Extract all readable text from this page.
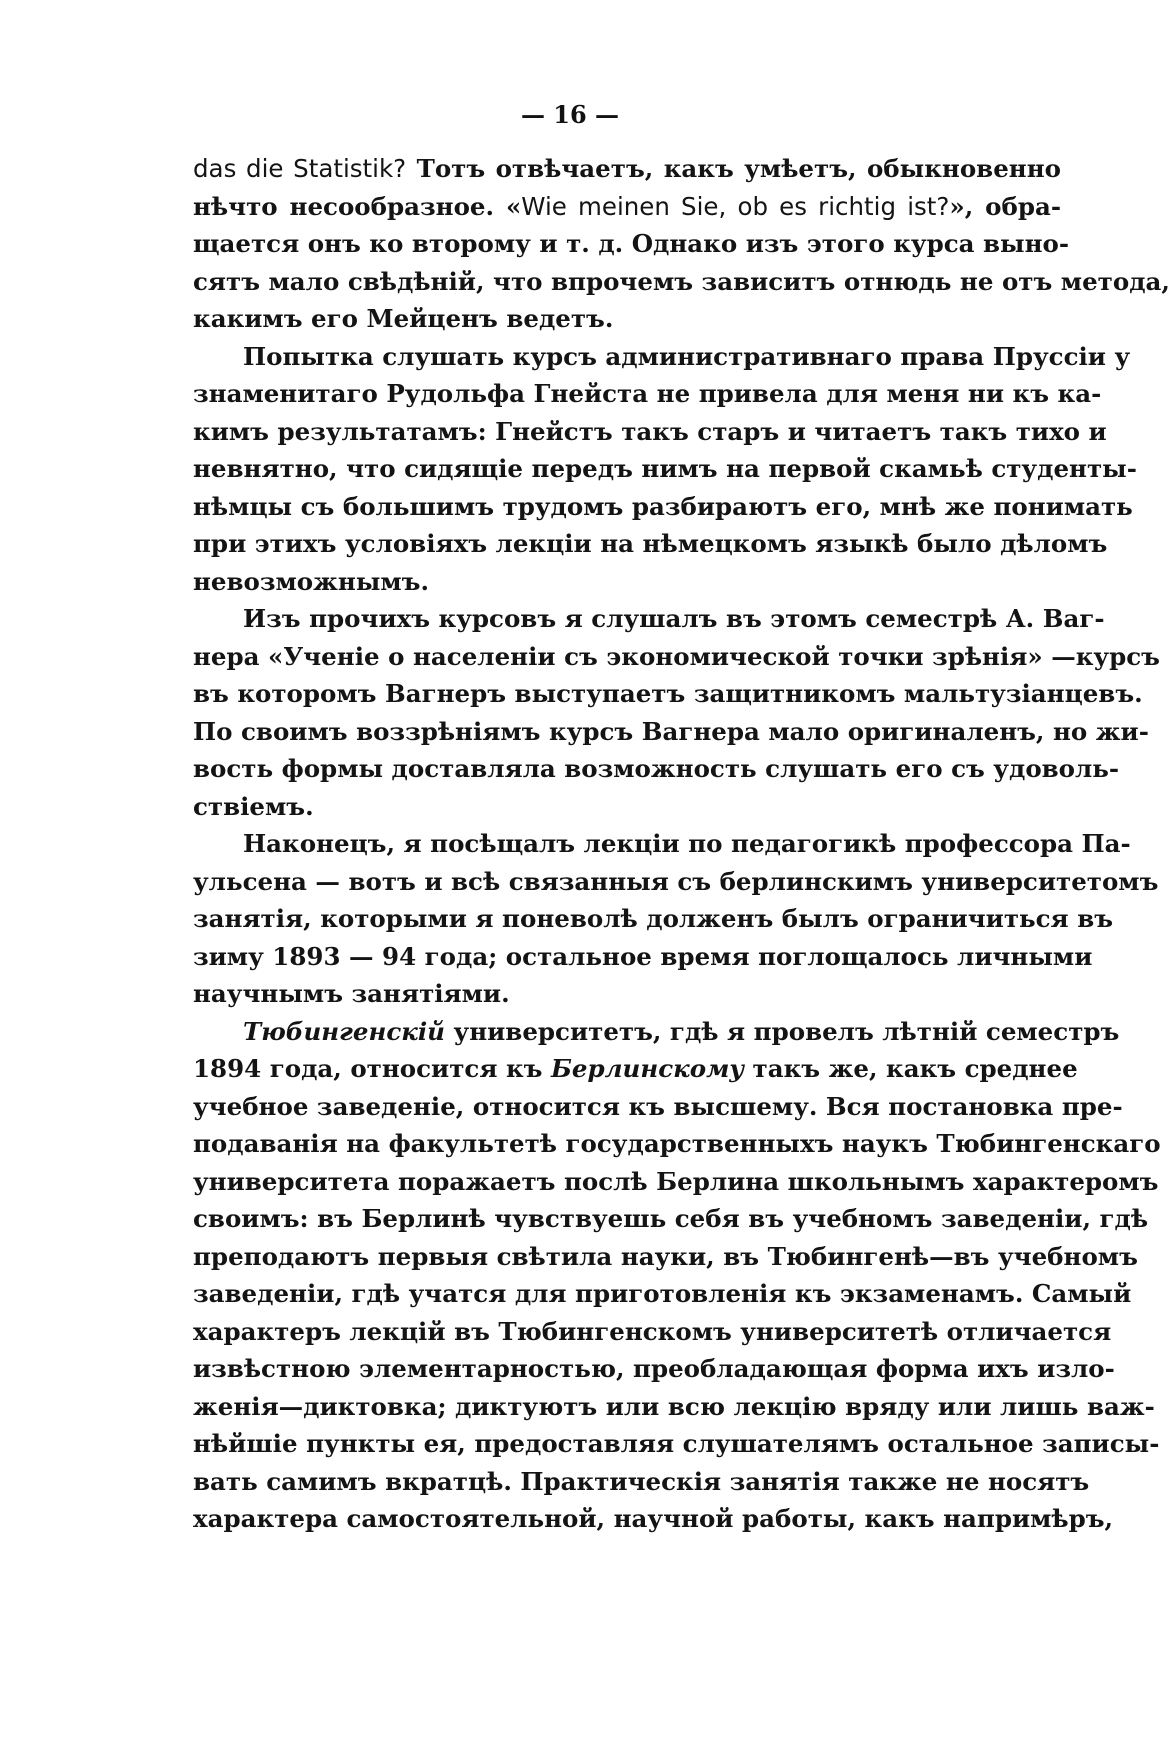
— 16 —
das die Statistik? Тотъ отвѣчаетъ, какъ умѣетъ, обыкновенно
нѣчто несообразное. «Wie meinen Sie, ob es richtig ist?», обра-
щается онъ ко второму и т. д. Однако изъ этого курса выно-
сятъ мало свѣдѣній, что впрочемъ зависитъ отнюдь не отъ метода,
какимъ его Мейценъ ведетъ.
Попытка слушать курсъ административнаго права Пруссіи у
знаменитаго Рудольфа Гнейста не привела для меня ни къ ка-
кимъ результатамъ: Гнейстъ такъ старъ и читаетъ такъ тихо и
невнятно, что сидящіе передъ нимъ на первой скамьѣ студенты-
нѣмцы съ большимъ трудомъ разбираютъ его, мнѣ же понимать
при этихъ условіяхъ лекціи на нѣмецкомъ языкѣ было дѣломъ
невозможнымъ.
Изъ прочихъ курсовъ я слушалъ въ этомъ семестрѣ А. Ваг-
нера «Ученіе о населеніи съ экономической точки зрѣнія» —курсъ
въ которомъ Вагнеръ выступаетъ защитникомъ мальтузіанцевъ.
По своимъ воззрѣніямъ курсъ Вагнера мало оригиналенъ, но жи-
вость формы доставляла возможность слушать его съ удоволь-
ствіемъ.
Наконецъ, я посѣщалъ лекціи по педагогикѣ профессора Па-
ульсена — вотъ и всѣ связанныя съ берлинскимъ университетомъ
занятія, которыми я поневолѣ долженъ былъ ограничиться въ
зиму 1893 — 94 года; остальное время поглощалось личными
научнымъ занятіями.
Тюбингенскій университетъ, гдѣ я провелъ лѣтній семестръ
1894 года, относится къ Берлинскому такъ же, какъ среднее
учебное заведеніе, относится къ высшему. Вся постановка пре-
подаванія на факультетѣ государственныхъ наукъ Тюбингенскаго
университета поражаетъ послѣ Берлина школьнымъ характеромъ
своимъ: въ Берлинѣ чувствуешь себя въ учебномъ заведеніи, гдѣ
преподаютъ первыя свѣтила науки, въ Тюбингенѣ—въ учебномъ
заведеніи, гдѣ учатся для приготовленія къ экзаменамъ. Самый
характеръ лекцій въ Тюбингенскомъ университетѣ отличается
извѣстною элементарностью, преобладающая форма ихъ изло-
женія—диктовка; диктуютъ или всю лекцію вряду или лишь важ-
нѣйшіе пункты ея, предоставляя слушателямъ остальное записы-
вать самимъ вкратцѣ. Практическія занятія также не носятъ
характера самостоятельной, научной работы, какъ напримѣръ,
